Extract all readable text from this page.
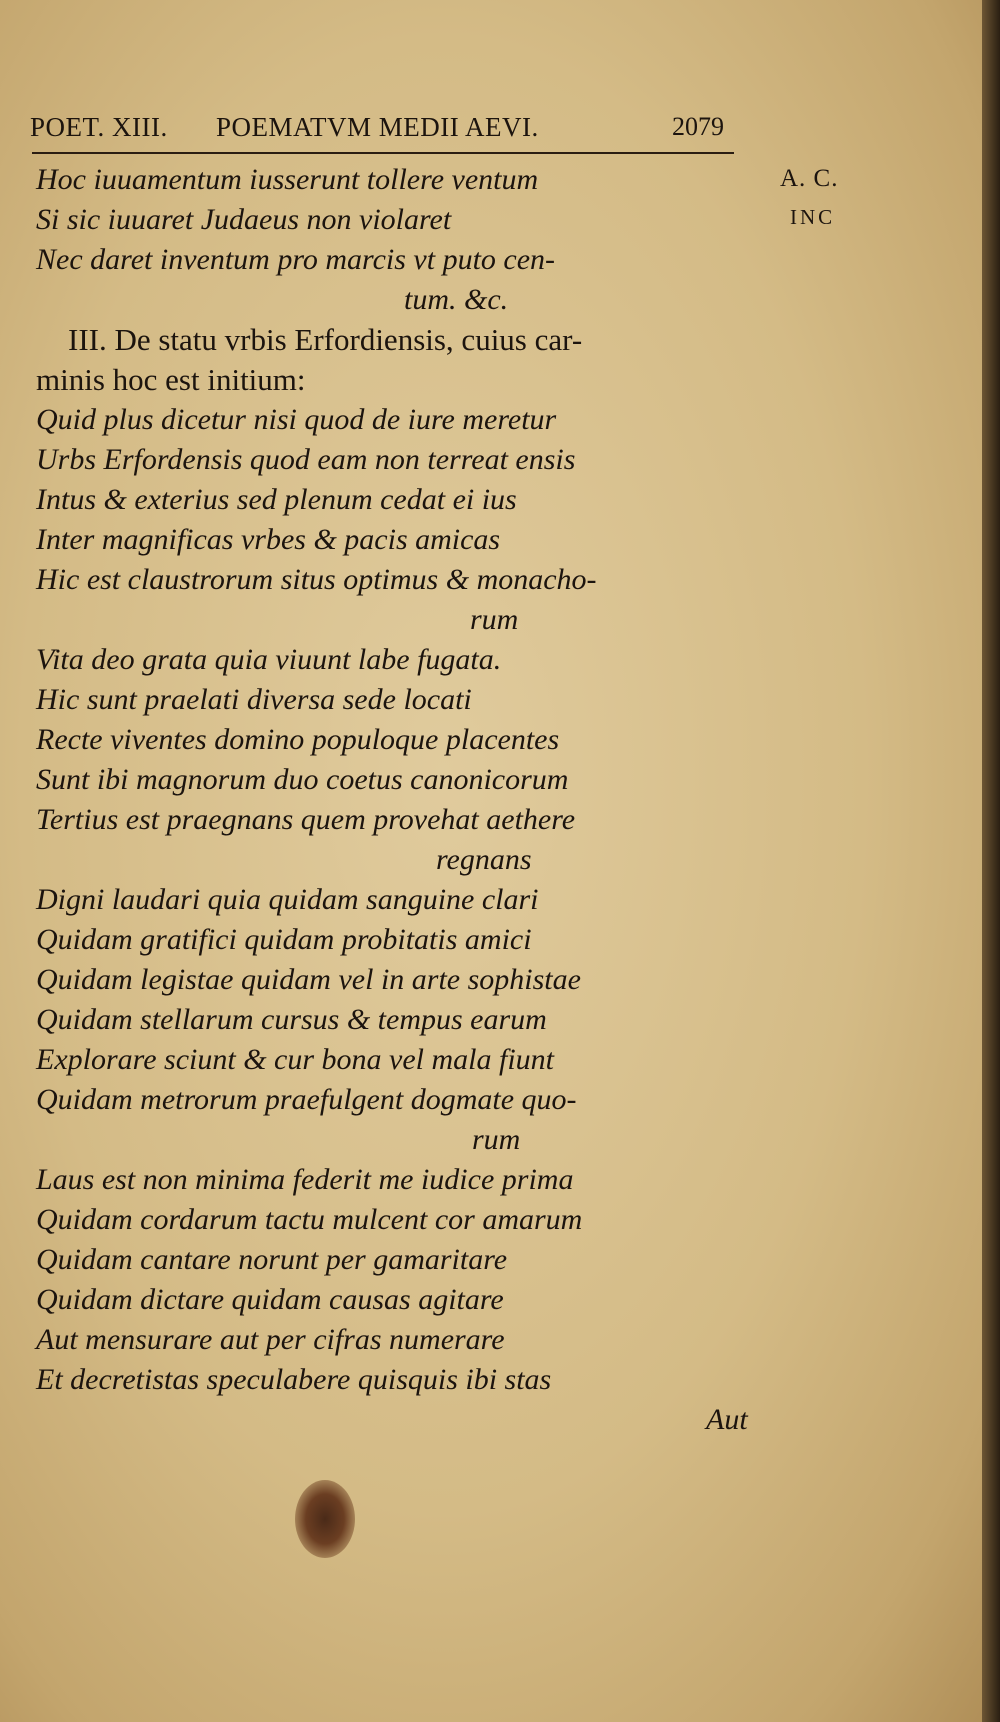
POET. XIII. POEMATVM MEDII AEVI.	2079
A. C.
INC
Hoc iuuamentum iusserunt tollere ventum
Si sic iuuaret Judaeus non violaret
Nec daret inventum pro marcis vt puto cen-
tum. &c.
III. De statu vrbis Erfordiensis, cuius car-
minis hoc est initium:
Quid plus dicetur nisi quod de iure meretur
Urbs Erfordensis quod eam non terreat ensis
Intus & exterius sed plenum cedat ei ius
Inter magnificas vrbes & pacis amicas
Hic est claustrorum situs optimus & monacho-
rum
Vita deo grata quia viuunt labe fugata.
Hic sunt praelati diversa sede locati
Recte viventes domino populoque placentes
Sunt ibi magnorum duo coetus canonicorum
Tertius est praegnans quem provehat aethere
regnans
Digni laudari quia quidam sanguine clari
Quidam gratifici quidam probitatis amici
Quidam legistae quidam vel in arte sophistae
Quidam stellarum cursus & tempus earum
Explorare sciunt & cur bona vel mala fiunt
Quidam metrorum praefulgent dogmate quo-
rum
Laus est non minima federit me iudice prima
Quidam cordarum tactu mulcent cor amarum
Quidam cantare norunt per gamaritare
Quidam dictare quidam causas agitare
Aut mensurare aut per cifras numerare
Et decretistas speculabere quisquis ibi stas
Aut
